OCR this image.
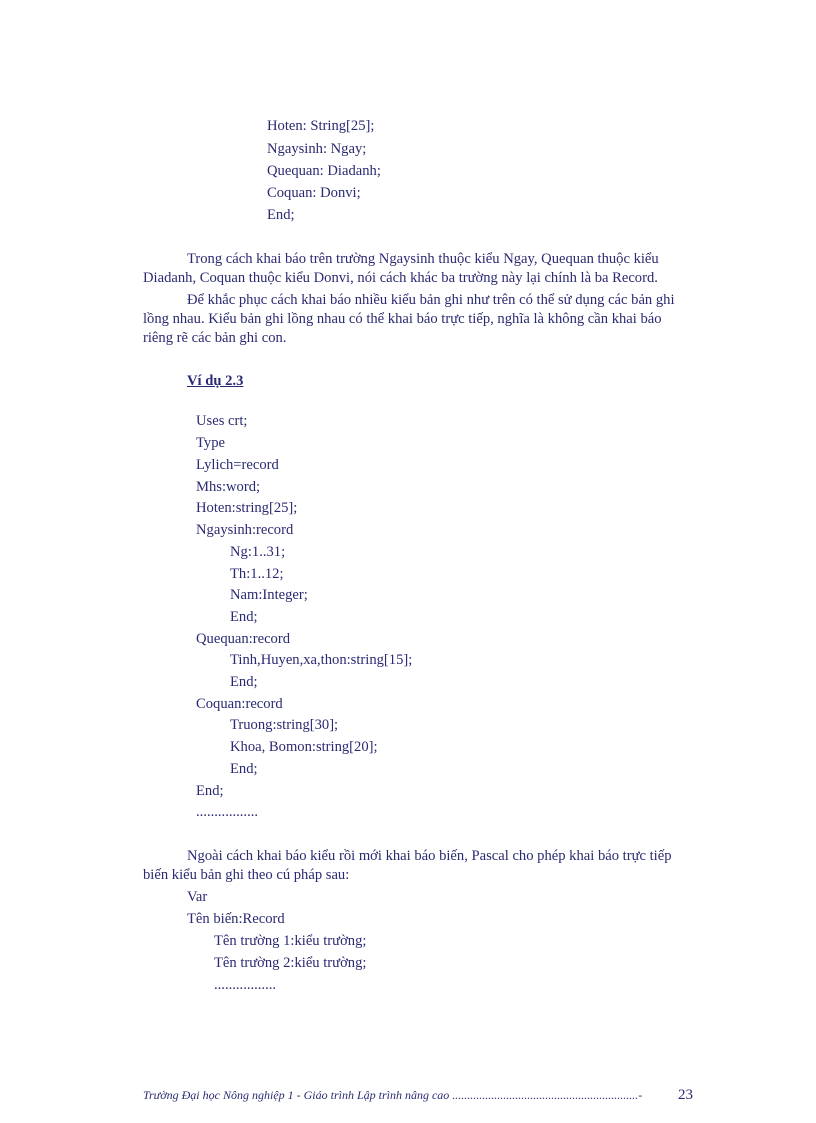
Hoten: String[25];
Ngaysinh: Ngay;
Quequan: Diadanh;
Coquan: Donvi;
End;
Trong cách khai báo trên trường Ngaysinh thuộc kiểu Ngay, Quequan thuộc kiểu
Diadanh, Coquan thuộc kiểu Donvi, nói cách khác ba trường này lại chính là ba Record.
Để khắc phục cách khai báo nhiều kiểu bản ghi như trên có thể sử dụng các bản ghi
lồng nhau. Kiểu bản ghi lồng nhau có thể khai báo trực tiếp, nghĩa là không cần khai báo
riêng rẽ các bản ghi con.
Ví dụ 2.3
Uses crt;
Type
Lylich=record
Mhs:word;
Hoten:string[25];
Ngaysinh:record
Ng:1..31;
Th:1..12;
Nam:Integer;
End;
Quequan:record
Tinh,Huyen,xa,thon:string[15];
End;
Coquan:record
Truong:string[30];
Khoa, Bomon:string[20];
End;
End;
.................
Ngoài cách khai báo kiểu rồi mới khai báo biến, Pascal cho phép khai báo trực tiếp
biến kiểu bản ghi theo cú pháp sau:
Var
Tên biến:Record
Tên trường 1:kiểu trường;
Tên trường 2:kiểu trường;
.................
Trường Đại học Nông nghiệp 1 - Giáo trình Lập trình nâng cao ..............................................................-	23
